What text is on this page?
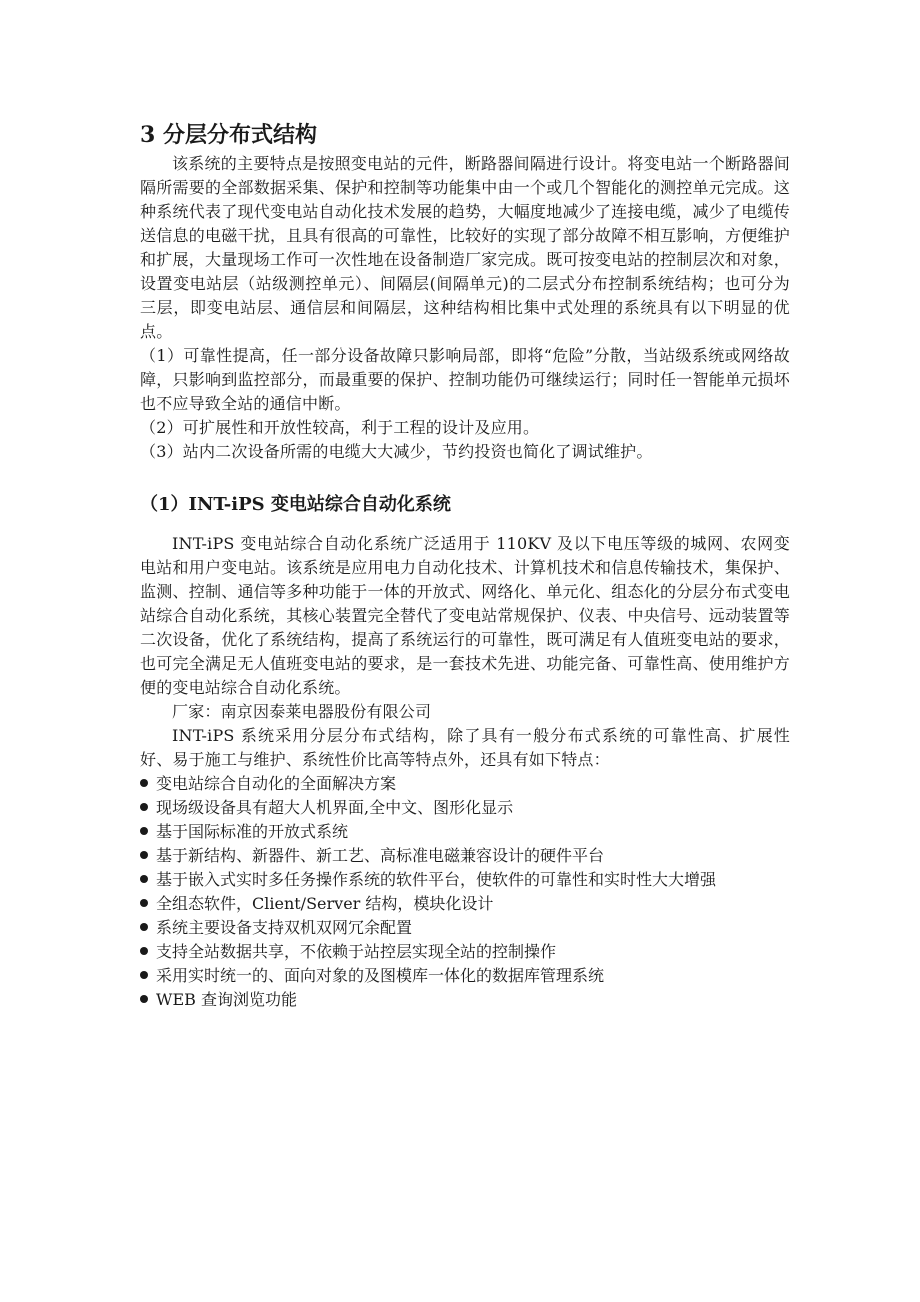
3 分层分布式结构

该系统的主要特点是按照变电站的元件，断路器间隔进行设计。将变电站一个断路器间隔所需要的全部数据采集、保护和控制等功能集中由一个或几个智能化的测控单元完成。这种系统代表了现代变电站自动化技术发展的趋势，大幅度地减少了连接电缆，减少了电缆传送信息的电磁干扰，且具有很高的可靠性，比较好的实现了部分故障不相互影响，方便维护和扩展，大量现场工作可一次性地在设备制造厂家完成。既可按变电站的控制层次和对象，设置变电站层（站级测控单元）、间隔层(间隔单元)的二层式分布控制系统结构；也可分为三层，即变电站层、通信层和间隔层，这种结构相比集中式处理的系统具有以下明显的优点。

（1）可靠性提高，任一部分设备故障只影响局部，即将“危险”分散，当站级系统或网络故障，只影响到监控部分，而最重要的保护、控制功能仍可继续运行；同时任一智能单元损坏也不应导致全站的通信中断。

（2）可扩展性和开放性较高，利于工程的设计及应用。

（3）站内二次设备所需的电缆大大减少，节约投资也简化了调试维护。

（1）INT-iPS 变电站综合自动化系统

INT-iPS 变电站综合自动化系统广泛适用于 110KV 及以下电压等级的城网、农网变电站和用户变电站。该系统是应用电力自动化技术、计算机技术和信息传输技术，集保护、监测、控制、通信等多种功能于一体的开放式、网络化、单元化、组态化的分层分布式变电站综合自动化系统，其核心装置完全替代了变电站常规保护、仪表、中央信号、远动装置等二次设备，优化了系统结构，提高了系统运行的可靠性，既可满足有人值班变电站的要求，也可完全满足无人值班变电站的要求，是一套技术先进、功能完备、可靠性高、使用维护方便的变电站综合自动化系统。

厂家：南京因泰莱电器股份有限公司

INT-iPS 系统采用分层分布式结构，除了具有一般分布式系统的可靠性高、扩展性好、易于施工与维护、系统性价比高等特点外，还具有如下特点：

变电站综合自动化的全面解决方案
现场级设备具有超大人机界面,全中文、图形化显示
基于国际标准的开放式系统
基于新结构、新器件、新工艺、高标准电磁兼容设计的硬件平台
基于嵌入式实时多任务操作系统的软件平台，使软件的可靠性和实时性大大增强
全组态软件，Client/Server 结构，模块化设计
系统主要设备支持双机双网冗余配置
支持全站数据共享，不依赖于站控层实现全站的控制操作
采用实时统一的、面向对象的及图模库一体化的数据库管理系统
WEB 查询浏览功能
